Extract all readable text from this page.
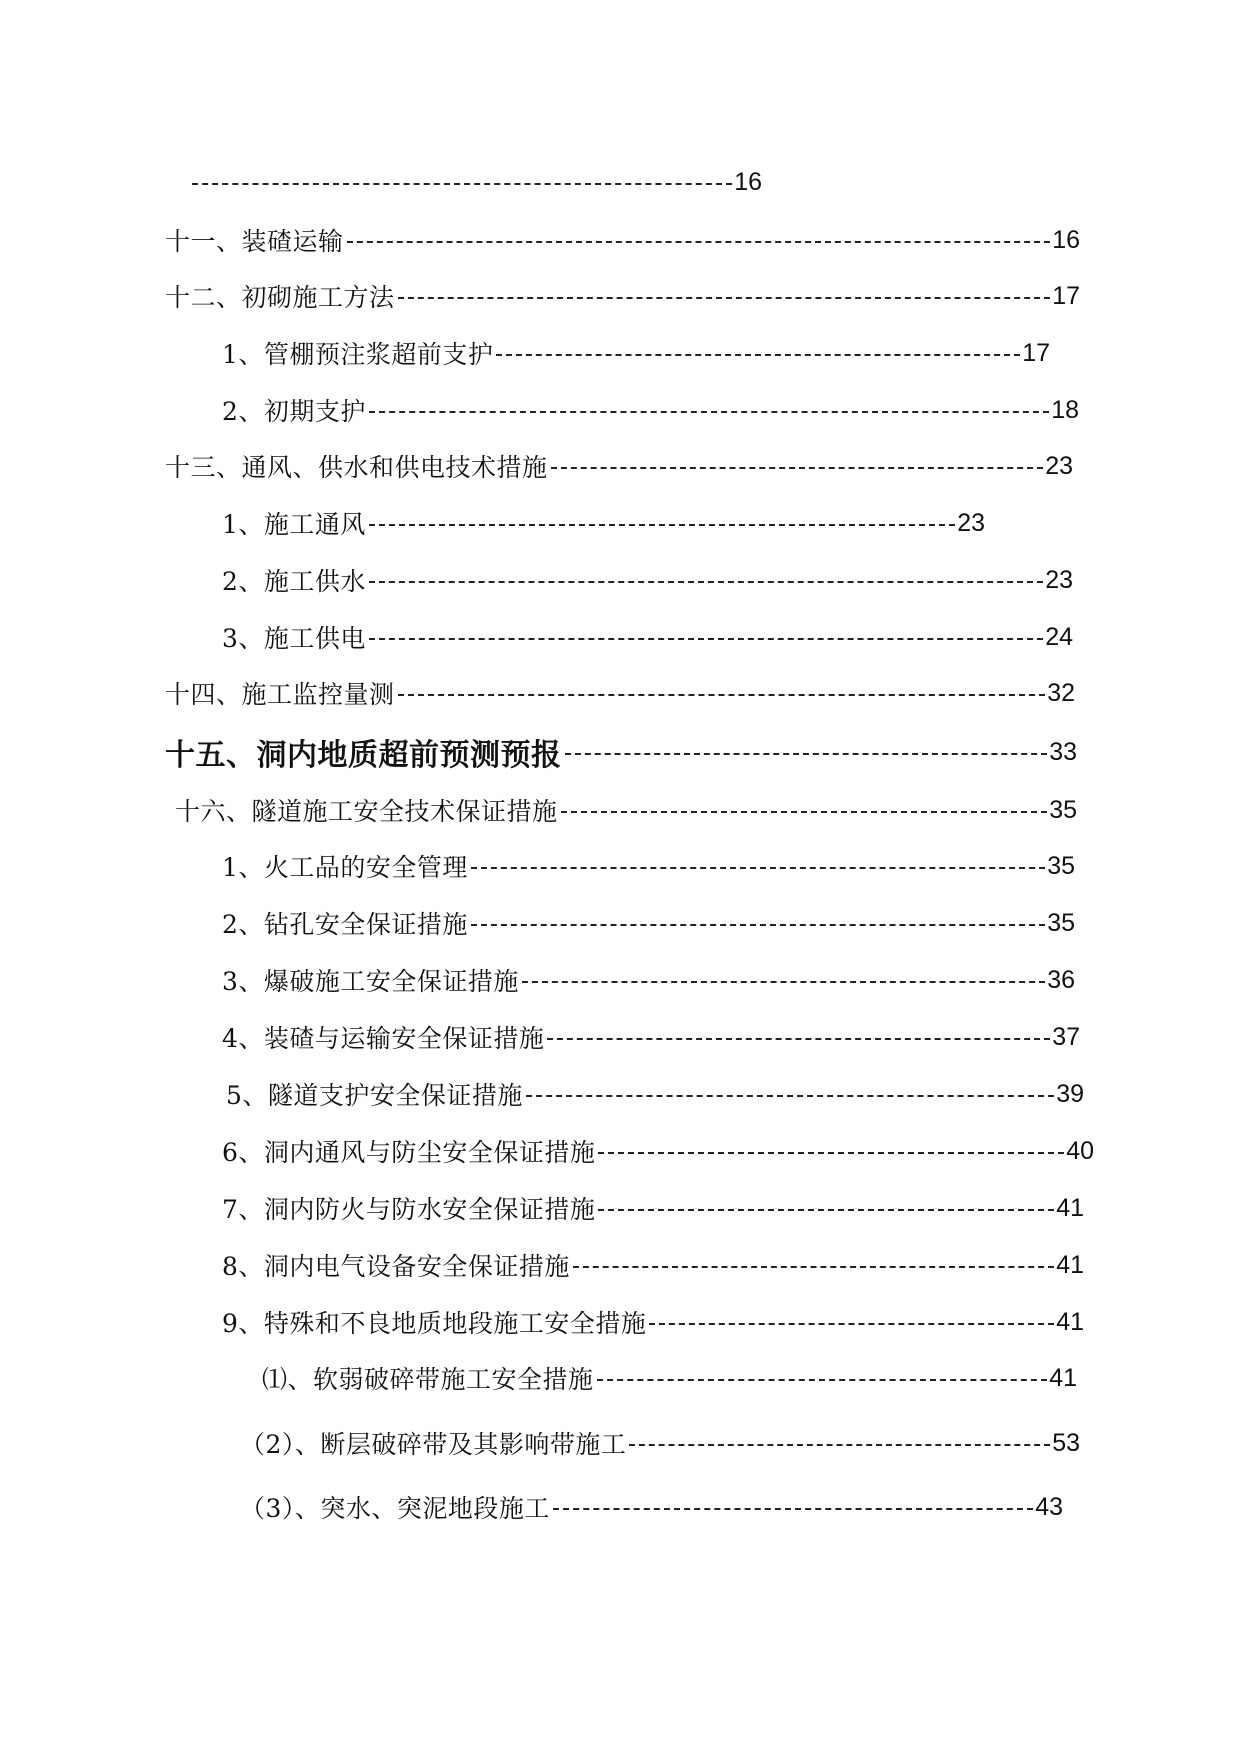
16
十一、装碴运输	16
十二、初砌施工方法	17
1、管棚预注浆超前支护	17
2、初期支护	18
十三、通风、供水和供电技术措施	23
1、施工通风	23
2、施工供水	23
3、施工供电	24
十四、施工监控量测	32
十五、洞内地质超前预测预报	33
十六、隧道施工安全技术保证措施	35
1、火工品的安全管理	35
2、钻孔安全保证措施	35
3、爆破施工安全保证措施	36
4、装碴与运输安全保证措施	37
5、隧道支护安全保证措施	39
6、洞内通风与防尘安全保证措施	40
7、洞内防火与防水安全保证措施	41
8、洞内电气设备安全保证措施	41
9、特殊和不良地质地段施工安全措施	41
⑴、软弱破碎带施工安全措施	41
（2）、断层破碎带及其影响带施工	53
（3）、突水、突泥地段施工	43
